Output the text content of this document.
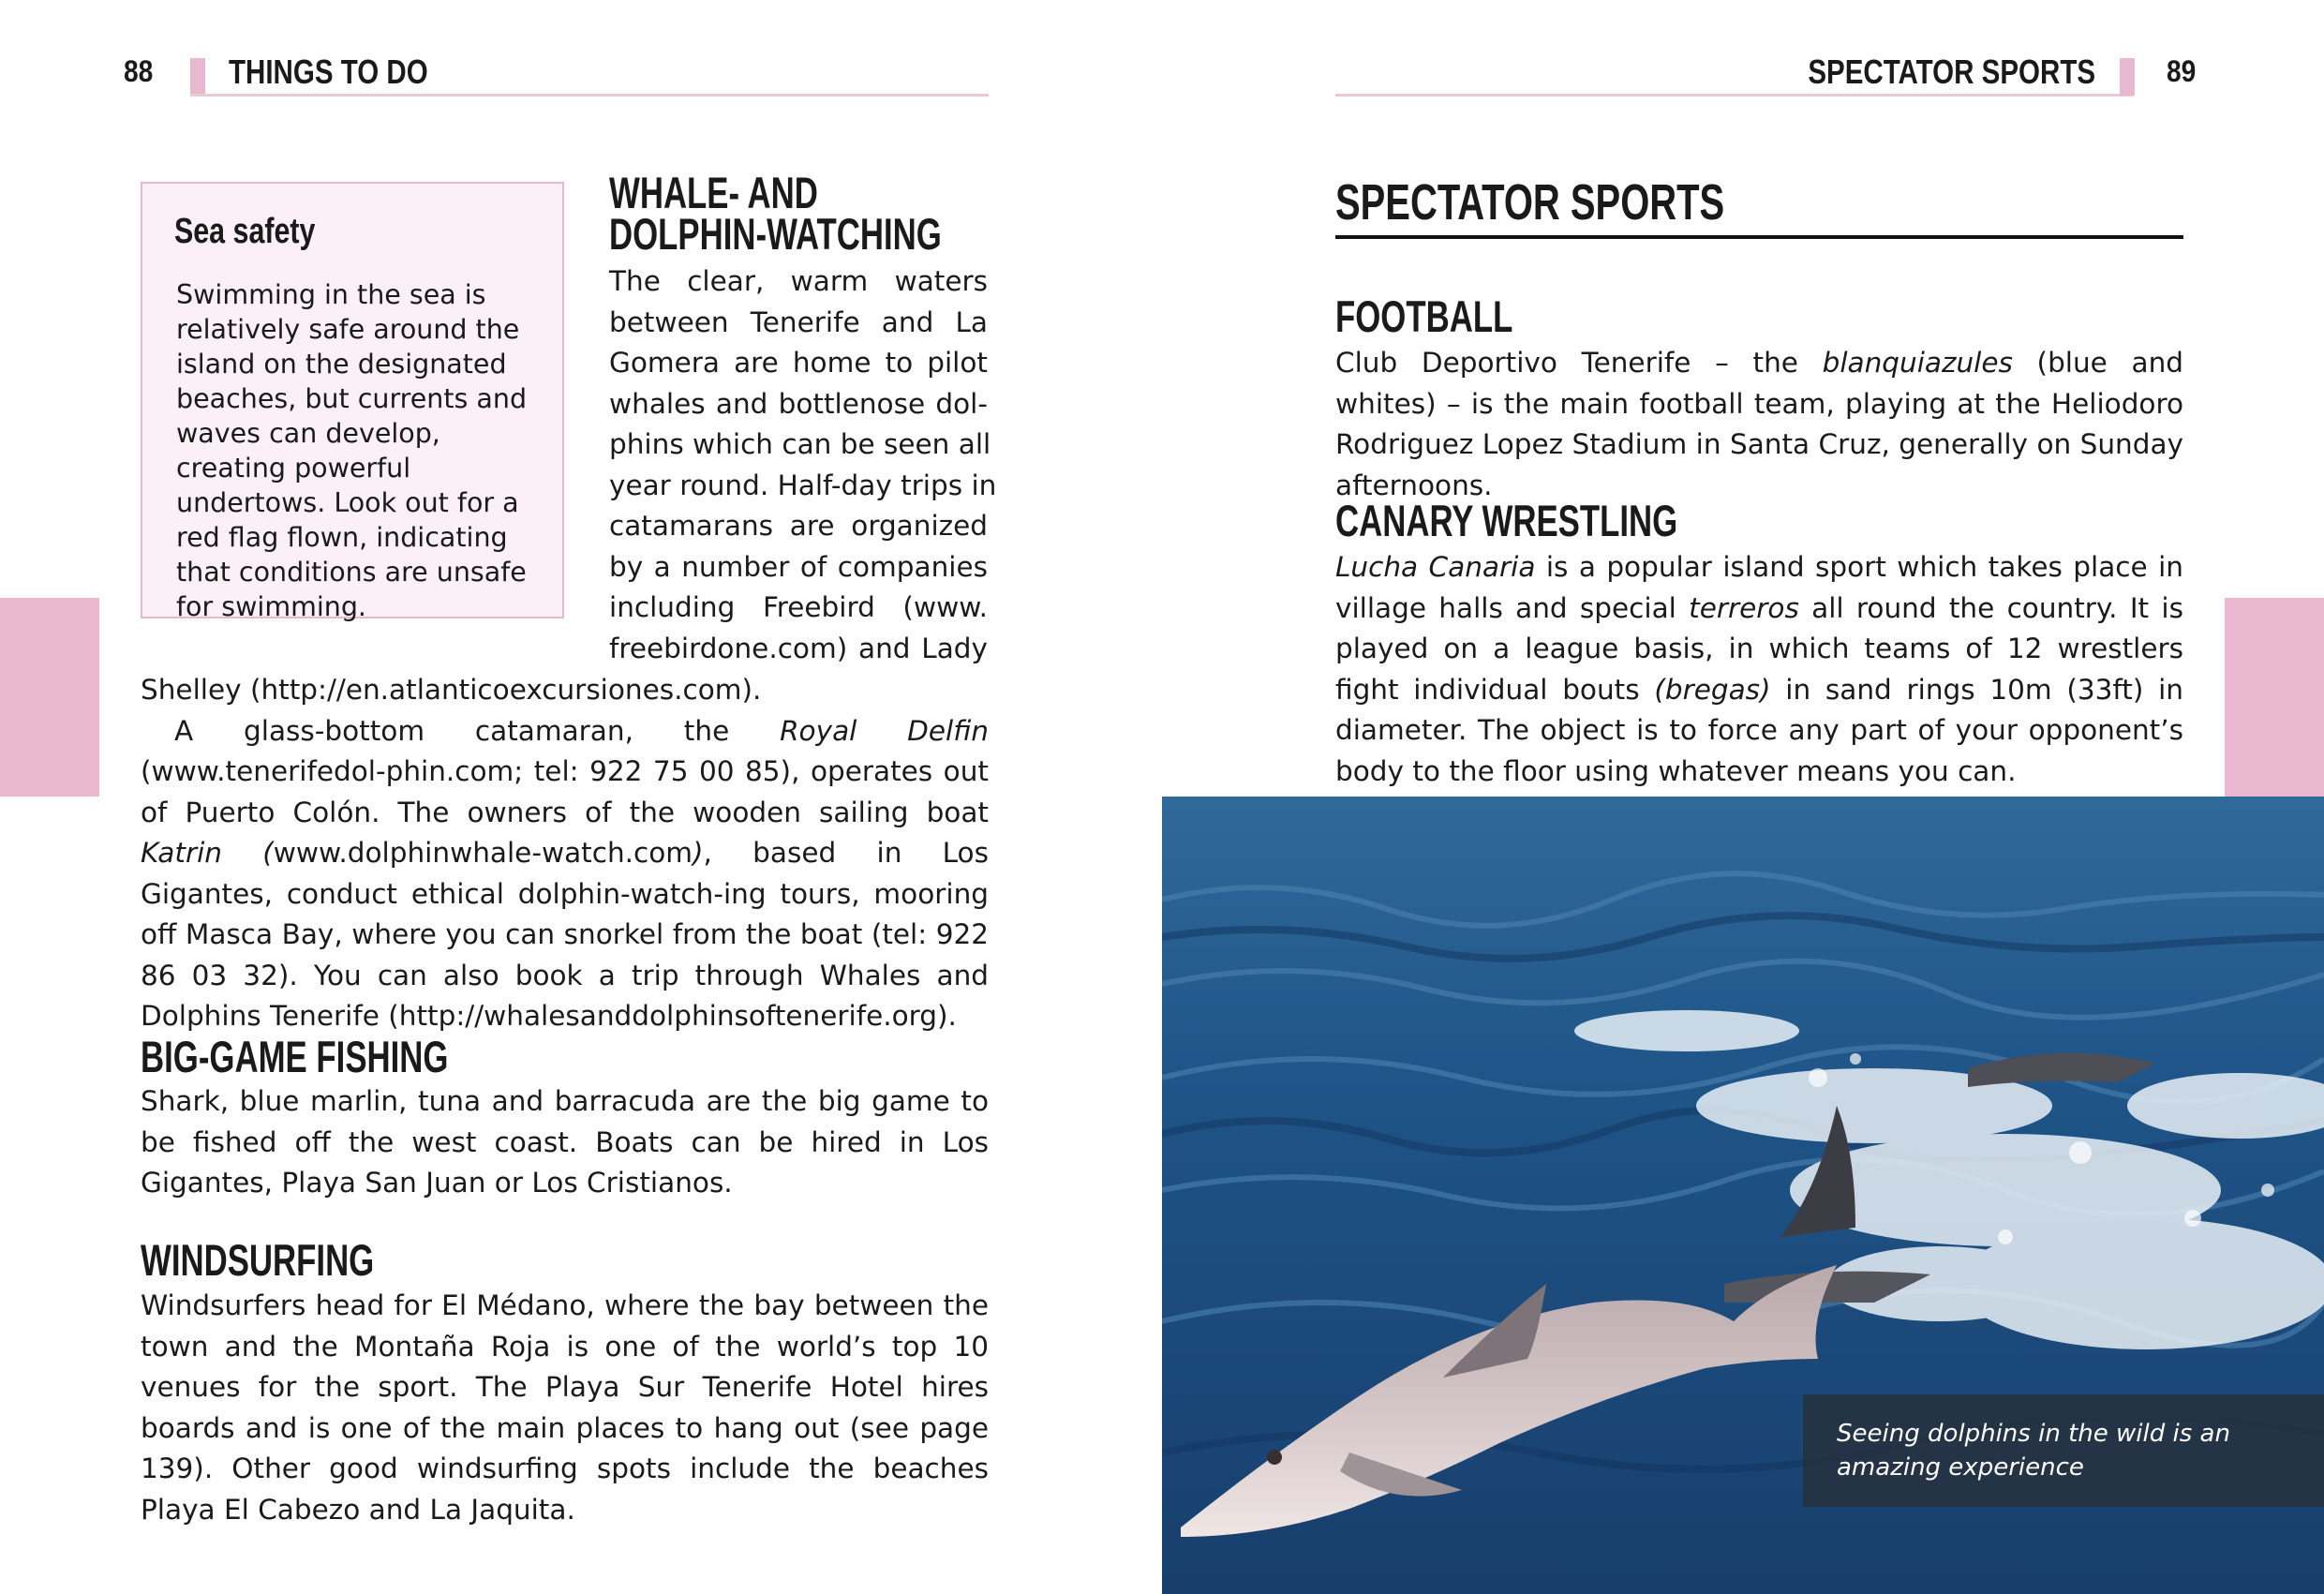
88 THINGS TO DO
Sea safety
Swimming in the sea is relatively safe around the island on the designated beaches, but currents and waves can develop, creating powerful undertows. Look out for a red flag flown, indicating that conditions are unsafe for swimming.
WHALE- AND
DOLPHIN-WATCHING
The clear, warm waters
between Tenerife and La
Gomera are home to pilot
whales and bottlenose dol-
phins which can be seen all
year round. Half-day trips in
catamarans are organized
by a number of companies
including Freebird (www.
freebirdone.com) and Lady

Shelley (http://en.atlanticoexcursiones.com).

A glass-bottom catamaran, the Royal Delfin (www.tenerifedol-phin.com; tel: 922 75 00 85), operates out of Puerto Colón. The owners of the wooden sailing boat Katrin (www.dolphinwhale-watch.com), based in Los Gigantes, conduct ethical dolphin-watch-ing tours, mooring off Masca Bay, where you can snorkel from the boat (tel: 922 86 03 32). You can also book a trip through Whales and Dolphins Tenerife (http://whalesanddolphinsoftenerife.org).

BIG-GAME FISHING

Shark, blue marlin, tuna and barracuda are the big game to be fished off the west coast. Boats can be hired in Los Gigantes, Playa San Juan or Los Cristianos.

WINDSURFING

Windsurfers head for El Médano, where the bay between the town and the Montaña Roja is one of the world’s top 10 venues for the sport. The Playa Sur Tenerife Hotel hires boards and is one of the main places to hang out (see page 139). Other good windsurfing spots include the beaches Playa El Cabezo and La Jaquita.

SPECTATOR SPORTS 89
SPECTATOR SPORTS
FOOTBALL

Club Deportivo Tenerife – the blanquiazules (blue and whites) – is the main football team, playing at the Heliodoro Rodriguez Lopez Stadium in Santa Cruz, generally on Sunday afternoons.

CANARY WRESTLING

Lucha Canaria is a popular island sport which takes place in village halls and special terreros all round the country. It is played on a league basis, in which teams of 12 wrestlers fight individual bouts (bregas) in sand rings 10m (33ft) in diameter. The object is to force any part of your opponent’s body to the floor using whatever means you can.

Seeing dolphins in the wild is an amazing experience
